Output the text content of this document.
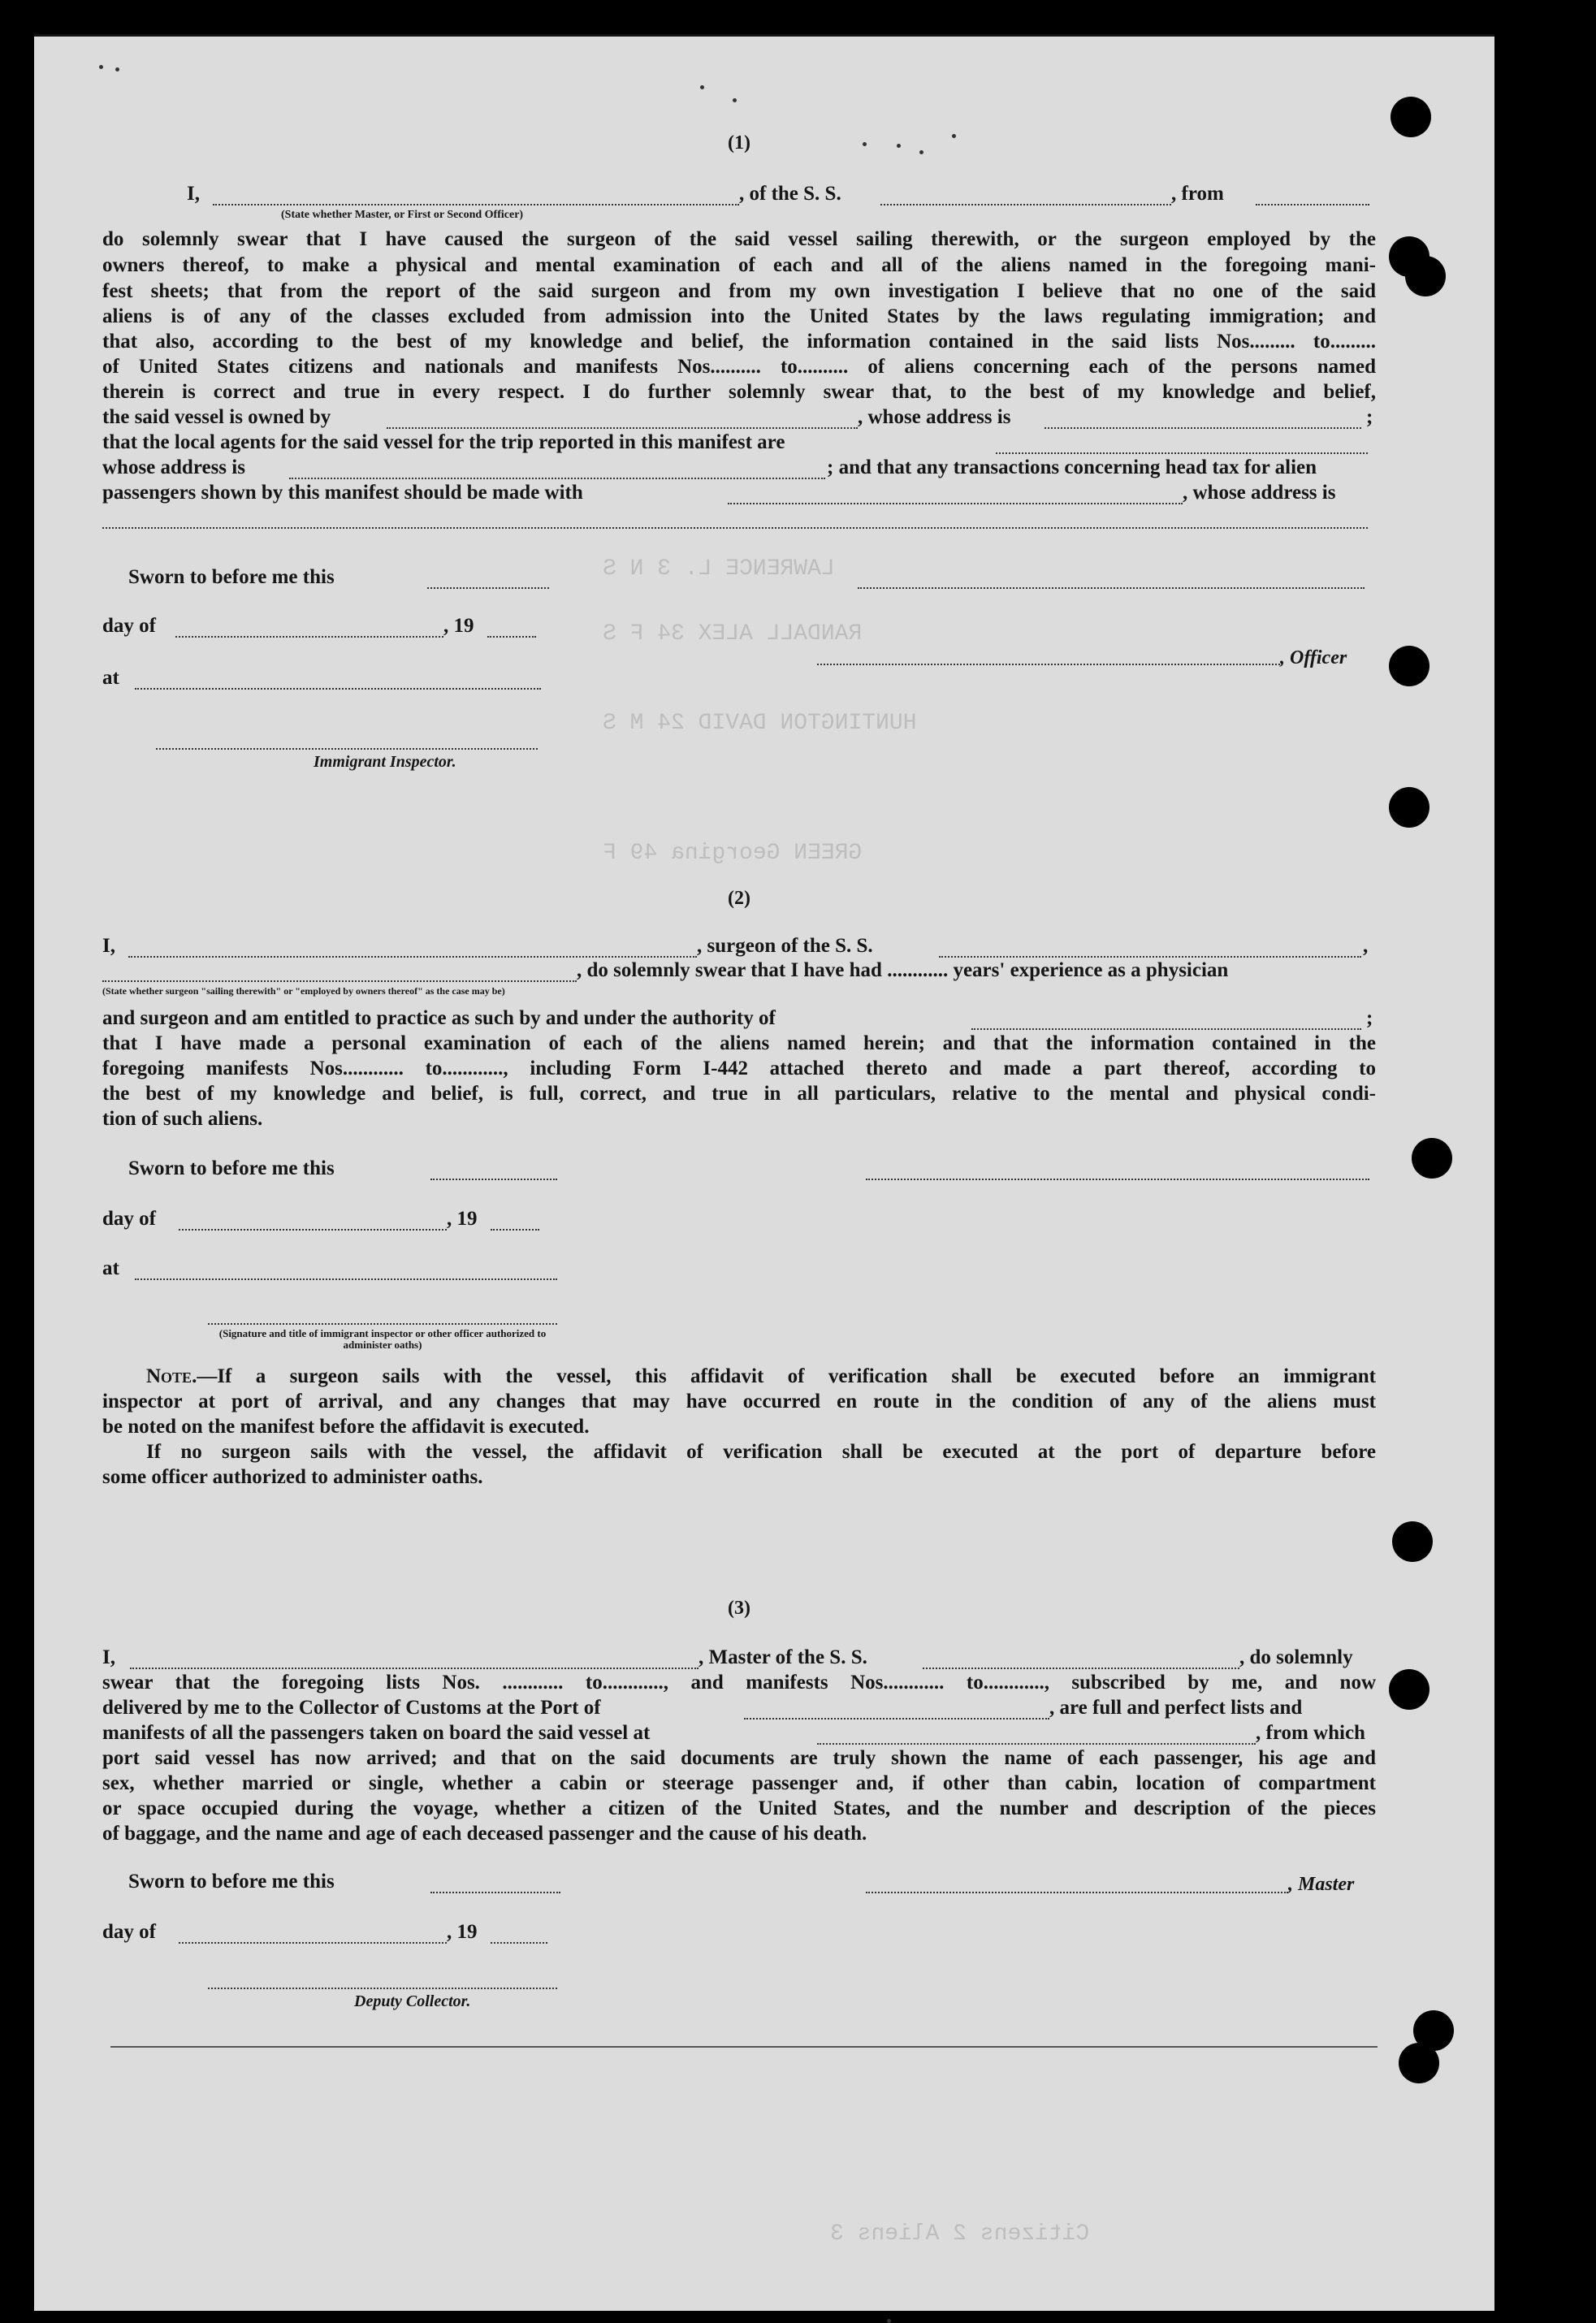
Citizens 2 Aliens 3
LAWRENCE L. 3 N S
RANDALL ALEX 34 F S
HUNTINGTON DAVID 24 M S
GREEN Georgina 49 F
(1)
I,	, of the S. S.	, from
(State whether Master, or First or Second Officer)
do solemnly swear that I have caused the surgeon of the said vessel sailing therewith, or the surgeon employed by the
owners thereof, to make a physical and mental examination of each and all of the aliens named in the foregoing mani-
fest sheets; that from the report of the said surgeon and from my own investigation I believe that no one of the said
aliens is of any of the classes excluded from admission into the United States by the laws regulating immigration; and
that also, according to the best of my knowledge and belief, the information contained in the said lists Nos......... to.........
of United States citizens and nationals and manifests Nos.......... to.......... of aliens concerning each of the persons named
therein is correct and true in every respect. I do further solemnly swear that, to the best of my knowledge and belief,
the said vessel is owned by	, whose address is	;
that the local agents for the said vessel for the trip reported in this manifest are
whose address is	; and that any transactions concerning head tax for alien
passengers shown by this manifest should be made with	, whose address is
Sworn to before me this
day of	, 19
, Officer
at
Immigrant Inspector.
(2)
I,	, surgeon of the S. S.	,
, do solemnly swear that I have had ............ years' experience as a physician
(State whether surgeon "sailing therewith" or "employed by owners thereof" as the case may be)
and surgeon and am entitled to practice as such by and under the authority of	;
that I have made a personal examination of each of the aliens named herein; and that the information contained in the
foregoing manifests Nos............ to............, including Form I-442 attached thereto and made a part thereof, according to
the best of my knowledge and belief, is full, correct, and true in all particulars, relative to the mental and physical condi-
tion of such aliens.
Sworn to before me this
day of	, 19
at
(Signature and title of immigrant inspector or other officer authorized to administer oaths)
Note.—If a surgeon sails with the vessel, this affidavit of verification shall be executed before an immigrant
inspector at port of arrival, and any changes that may have occurred en route in the condition of any of the aliens must
be noted on the manifest before the affidavit is executed.
If no surgeon sails with the vessel, the affidavit of verification shall be executed at the port of departure before
some officer authorized to administer oaths.
(3)
I,	, Master of the S. S.	, do solemnly
swear that the foregoing lists Nos. ............ to............, and manifests Nos............ to............, subscribed by me, and now
delivered by me to the Collector of Customs at the Port of	, are full and perfect lists and
manifests of all the passengers taken on board the said vessel at	, from which
port said vessel has now arrived; and that on the said documents are truly shown the name of each passenger, his age and
sex, whether married or single, whether a cabin or steerage passenger and, if other than cabin, location of compartment
or space occupied during the voyage, whether a citizen of the United States, and the number and description of the pieces
of baggage, and the name and age of each deceased passenger and the cause of his death.
Sworn to before me this	, Master
day of	, 19
Deputy Collector.
